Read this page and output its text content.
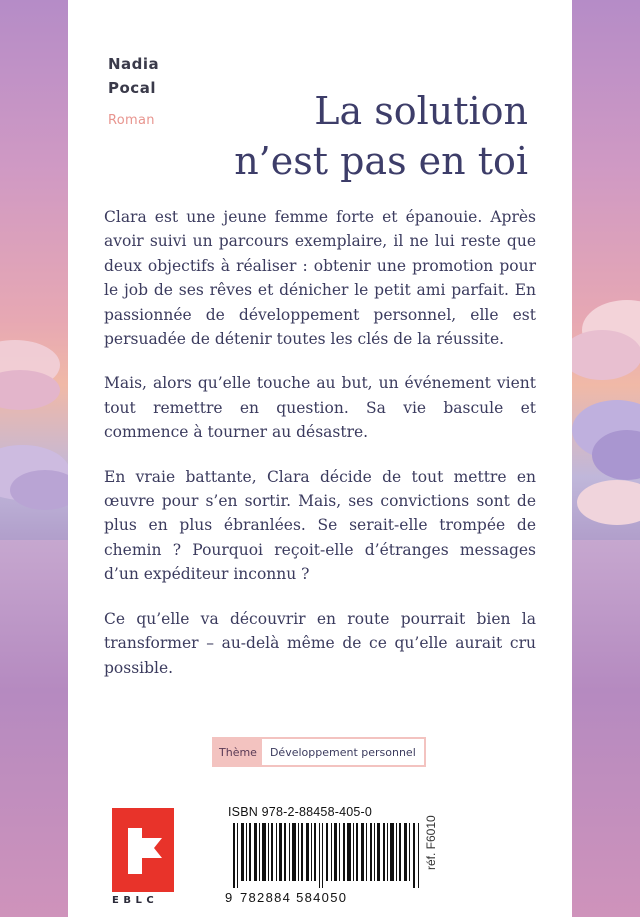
Nadia
Pocal
Roman	La solution
n’est pas en toi

Clara est une jeune femme forte et épanouie. Après avoir suivi un parcours exemplaire, il ne lui reste que deux objectifs à réaliser : obtenir une promotion pour le job de ses rêves et dénicher le petit ami parfait. En passionnée de développement personnel, elle est persuadée de détenir toutes les clés de la réussite.

Mais, alors qu’elle touche au but, un événement vient tout remettre en question. Sa vie bascule et commence à tourner au désastre.

En vraie battante, Clara décide de tout mettre en œuvre pour s’en sortir. Mais, ses convictions sont de plus en plus ébranlées. Se serait-elle trompée de chemin ? Pourquoi reçoit-elle d’étranges messages d’un expéditeur inconnu ?

Ce qu’elle va découvrir en route pourrait bien la transformer – au-delà même de ce qu’elle aurait cru possible.

Thème	Développement personnel
EBLC
ISBN 978-2-88458-405-0
9 782884 584050
réf. F6010
